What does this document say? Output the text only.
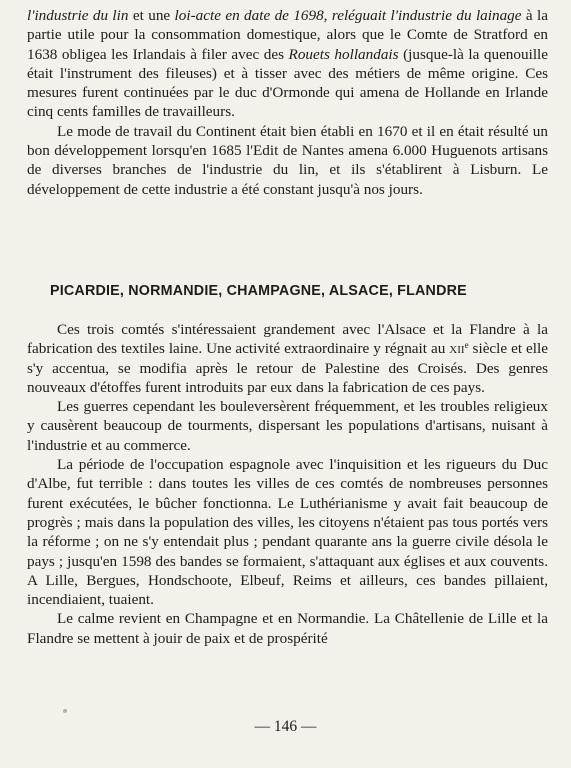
l'industrie du lin et une loi-acte en date de 1698, reléguait l'industrie du lainage à la partie utile pour la consommation domestique, alors que le Comte de Stratford en 1638 obligea les Irlandais à filer avec des Rouets hollandais (jusque-là la quenouille était l'instrument des fileuses) et à tisser avec des métiers de même origine. Ces mesures furent continuées par le duc d'Ormonde qui amena de Hollande en Irlande cinq cents familles de travailleurs.

Le mode de travail du Continent était bien établi en 1670 et il en était résulté un bon développement lorsqu'en 1685 l'Edit de Nantes amena 6.000 Huguenots artisans de diverses branches de l'industrie du lin, et ils s'établirent à Lisburn. Le développement de cette industrie a été constant jusqu'à nos jours.

PICARDIE, NORMANDIE, CHAMPAGNE, ALSACE, FLANDRE

Ces trois comtés s'intéressaient grandement avec l'Alsace et la Flandre à la fabrication des textiles laine. Une activité extraordinaire y régnait au xii$^e$ siècle et elle s'y accentua, se modifia après le retour de Palestine des Croisés. Des genres nouveaux d'étoffes furent introduits par eux dans la fabrication de ces pays.

Les guerres cependant les bouleversèrent fréquemment, et les troubles religieux y causèrent beaucoup de tourments, dispersant les populations d'artisans, nuisant à l'industrie et au commerce.

La période de l'occupation espagnole avec l'inquisition et les rigueurs du Duc d'Albe, fut terrible : dans toutes les villes de ces comtés de nombreuses personnes furent exécutées, le bûcher fonctionna. Le Luthérianisme y avait fait beaucoup de progrès ; mais dans la population des villes, les citoyens n'étaient pas tous portés vers la réforme ; on ne s'y entendait plus ; pendant quarante ans la guerre civile désola le pays ; jusqu'en 1598 des bandes se formaient, s'attaquant aux églises et aux couvents. A Lille, Bergues, Hondschoote, Elbeuf, Reims et ailleurs, ces bandes pillaient, incendiaient, tuaient.

Le calme revient en Champagne et en Normandie. La Châtellenie de Lille et la Flandre se mettent à jouir de paix et de prospérité

— 146 —
